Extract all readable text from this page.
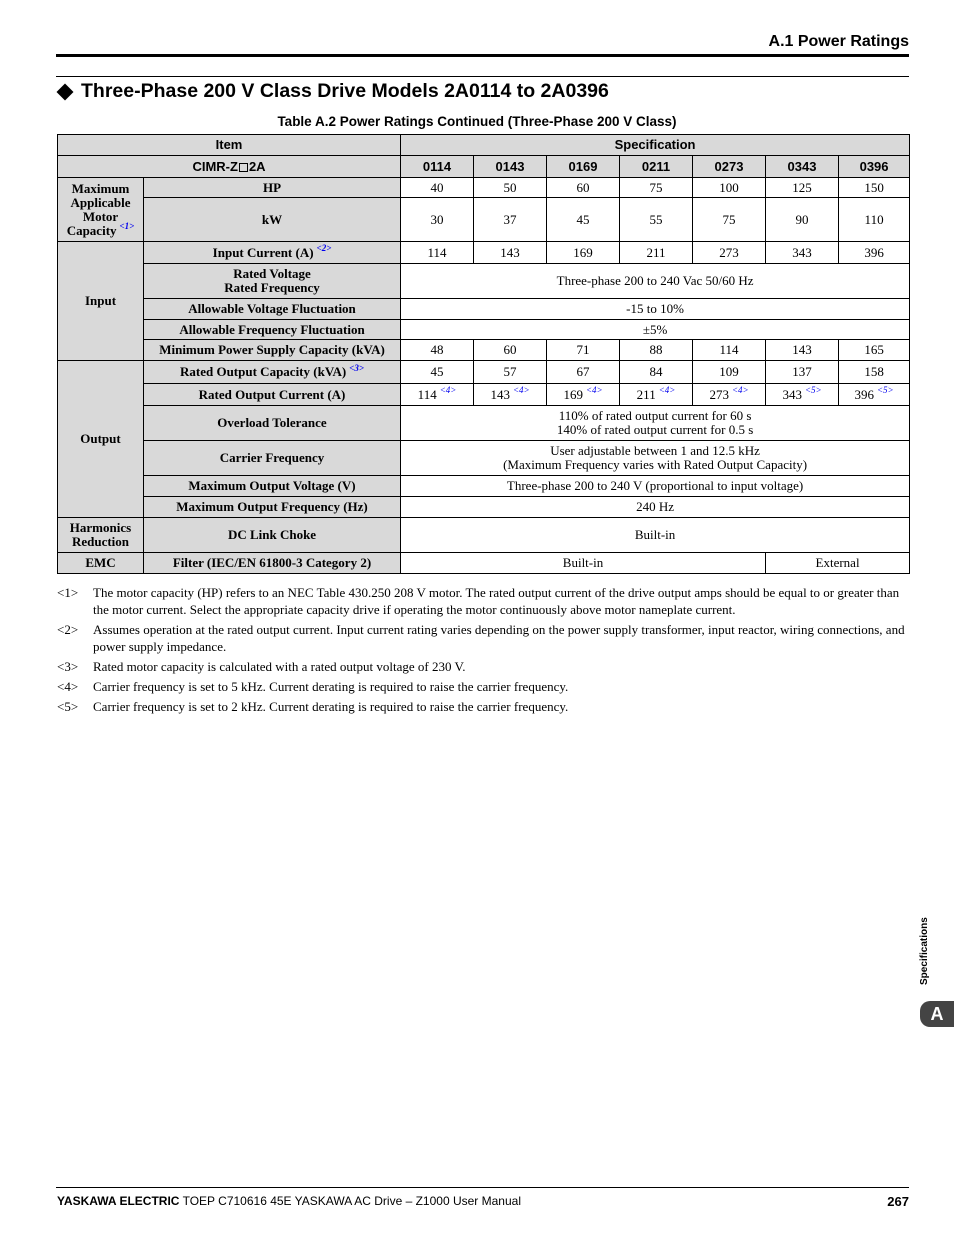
A.1 Power Ratings
Three-Phase 200 V Class Drive Models 2A0114 to 2A0396
Table A.2 Power Ratings Continued (Three-Phase 200 V Class)
Item		Specification						
CIMR-Z 2A		0114	0143	0169	0211	0273	0343	0396
Maximum Applicable Motor Capacity $^{<1>}$	HP	40	50	60	75	100	125	150
	kW	30	37	45	55	75	90	110
Input	Input Current (A) $^{<2>}$	114	143	169	211	273	343	396

	Rated Voltage
Rated Frequency	Three-phase 200 to 240 Vac 50/60 Hz						
	Allowable Voltage Fluctuation	-15 to 10%						
	Allowable Frequency Fluctuation	±5%						
	Minimum Power Supply Capacity (kVA)	48	60	71	88	114	143	165
Output	Rated Output Capacity (kVA) $^{<3>}$	45	57	67	84	109	137	158
	Rated Output Current (A)	114 $^{<4>}$	143 $^{<4>}$	169 $^{<4>}$	211 $^{<4>}$	273 $^{<4>}$	343 $^{<5>}$	396 $^{<5>}$
	Overload Tolerance	110% of rated output current for 60 s
140% of rated output current for 0.5 s						

	Carrier Frequency	User adjustable between 1 and 12.5 kHz
(Maximum Frequency varies with Rated Output Capacity)						

	Maximum Output Voltage (V)	Three-phase 200 to 240 V (proportional to input voltage)						
	Maximum Output Frequency (Hz)	240 Hz						
Harmonics Reduction	DC Link Choke	Built-in						
EMC	Filter (IEC/EN 61800-3 Category 2)	Built-in					External	
<1>	The motor capacity (HP) refers to an NEC Table 430.250 208 V motor. The rated output current of the drive output amps should be equal to or greater than the motor current. Select the appropriate capacity drive if operating the motor continuously above motor nameplate current.
<2>	Assumes operation at the rated output current. Input current rating varies depending on the power supply transformer, input reactor, wiring connections, and power supply impedance.
<3>	Rated motor capacity is calculated with a rated output voltage of 230 V.
<4>	Carrier frequency is set to 5 kHz. Current derating is required to raise the carrier frequency.
<5>	Carrier frequency is set to 2 kHz. Current derating is required to raise the carrier frequency.
Specifications
A
YASKAWA ELECTRIC TOEP C710616 45E YASKAWA AC Drive – Z1000 User Manual	267
